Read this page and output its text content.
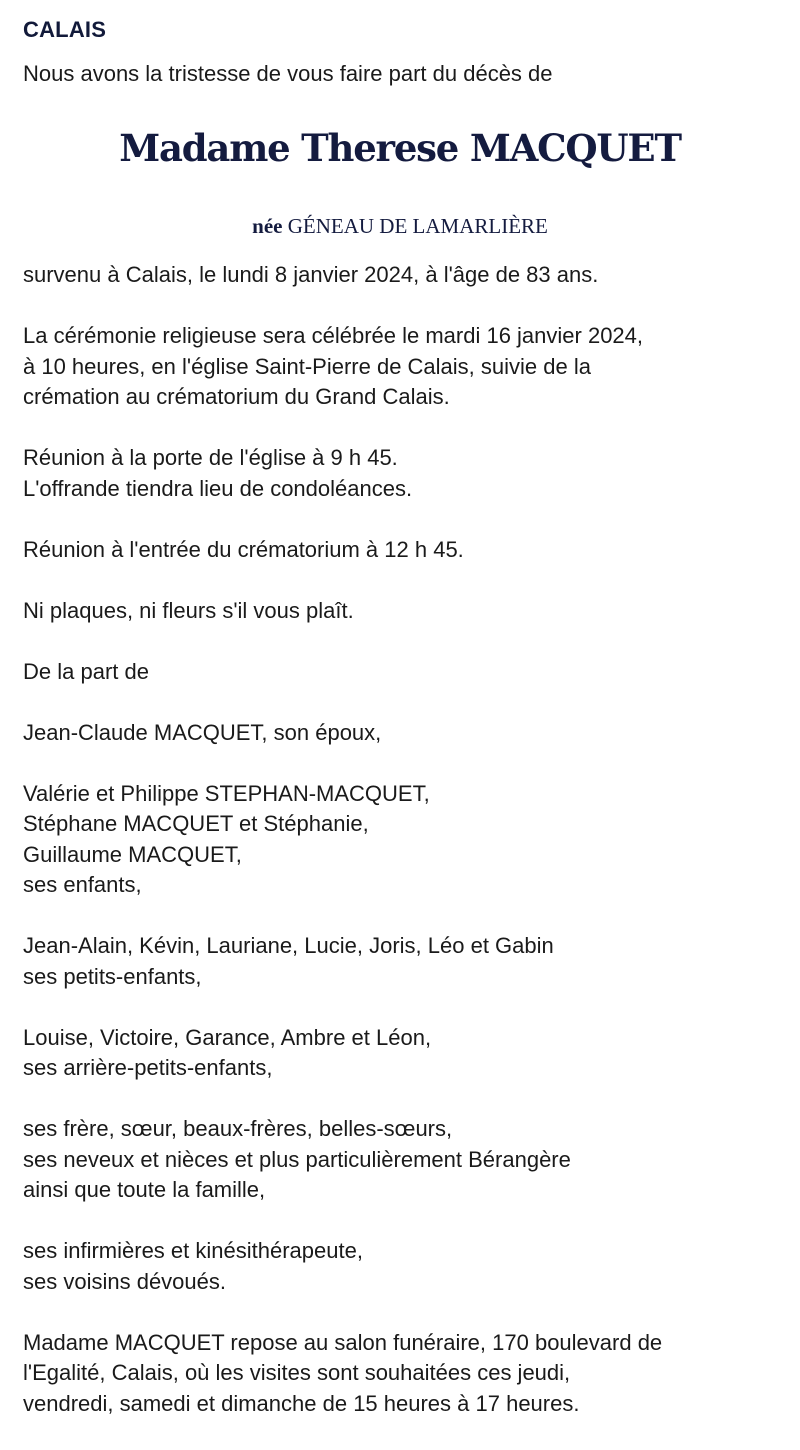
CALAIS
Nous avons la tristesse de vous faire part du décès de
Madame Therese MACQUET
née GÉNEAU DE LAMARLIÈRE

survenu à Calais, le lundi 8 janvier 2024, à l'âge de 83 ans.

La cérémonie religieuse sera célébrée le mardi 16 janvier 2024,
à 10 heures, en l'église Saint-Pierre de Calais, suivie de la
crémation au crématorium du Grand Calais.

Réunion à la porte de l'église à 9 h 45.
L'offrande tiendra lieu de condoléances.

Réunion à l'entrée du crématorium à 12 h 45.

Ni plaques, ni fleurs s'il vous plaît.

De la part de

Jean-Claude MACQUET, son époux,

Valérie et Philippe STEPHAN-MACQUET,
Stéphane MACQUET et Stéphanie,
Guillaume MACQUET,
ses enfants,

Jean-Alain, Kévin, Lauriane, Lucie, Joris, Léo et Gabin
ses petits-enfants,

Louise, Victoire, Garance, Ambre et Léon,
ses arrière-petits-enfants,

ses frère, sœur, beaux-frères, belles-sœurs,
ses neveux et nièces et plus particulièrement Bérangère
ainsi que toute la famille,

ses infirmières et kinésithérapeute,
ses voisins dévoués.

Madame MACQUET repose au salon funéraire, 170 boulevard de
l'Egalité, Calais, où les visites sont souhaitées ces jeudi,
vendredi, samedi et dimanche de 15 heures à 17 heures.
